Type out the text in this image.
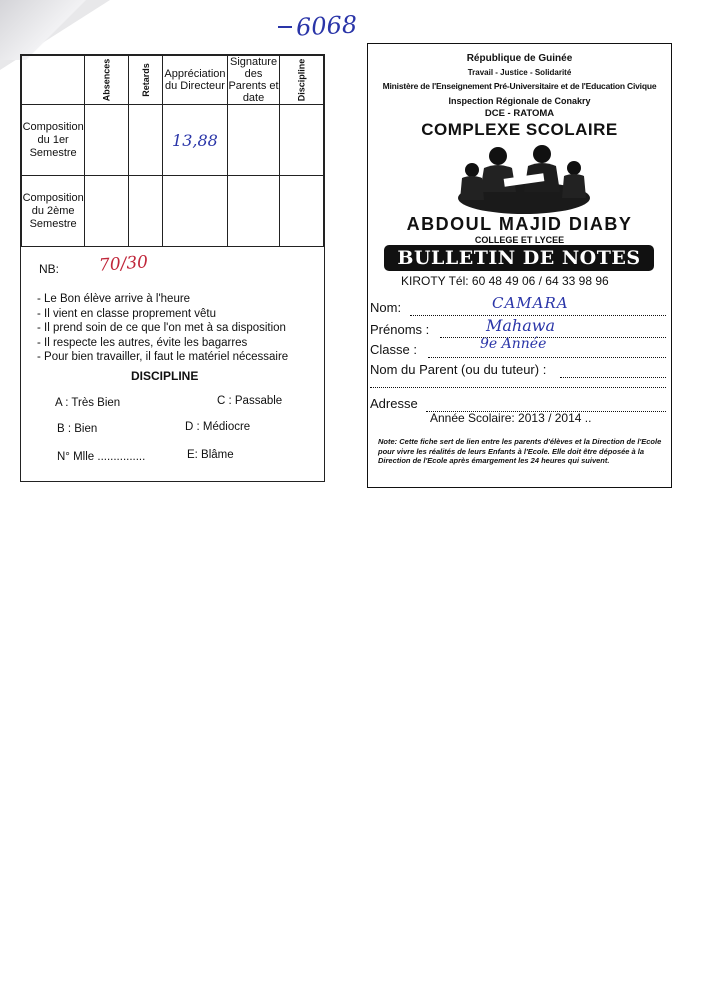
6068
	Absences	Retards	Appréciation du Directeur	Signature des Parents et date	Discipline
Composition du 1er Semestre			13,88		
Composition du 2ème Semestre					
NB: 70/30
- Le Bon élève arrive à l'heure
- Il vient en classe proprement vêtu
- Il prend soin de ce que l'on met à sa disposition
- Il respecte les autres, évite les bagarres
- Pour bien travailler, il faut le matériel nécessaire
DISCIPLINE
A : Très Bien	C : Passable
B : Bien	D : Médiocre
N° Mlle ...............	E: Blâme
République de Guinée
Travail - Justice - Solidarité
Ministère de l'Enseignement Pré-Universitaire et de l'Education Civique
Inspection Régionale de Conakry
DCE - RATOMA
COMPLEXE SCOLAIRE
ABDOUL MAJID DIABY
COLLEGE ET LYCEE
BULLETIN DE NOTES
KIROTY Tél: 60 48 49 06 / 64 33 98 96
Nom:	CAMARA
Prénoms :	Mahawa
Classe :	9e Année
Nom du Parent (ou du tuteur) :
Adresse
Année Scolaire: 2013 / 2014 ..
Note: Cette fiche sert de lien entre les parents d'élèves et la Direction de l'Ecole pour vivre les réalités de leurs Enfants à l'Ecole. Elle doit être déposée à la Direction de l'Ecole après émargement les 24 heures qui suivent.
